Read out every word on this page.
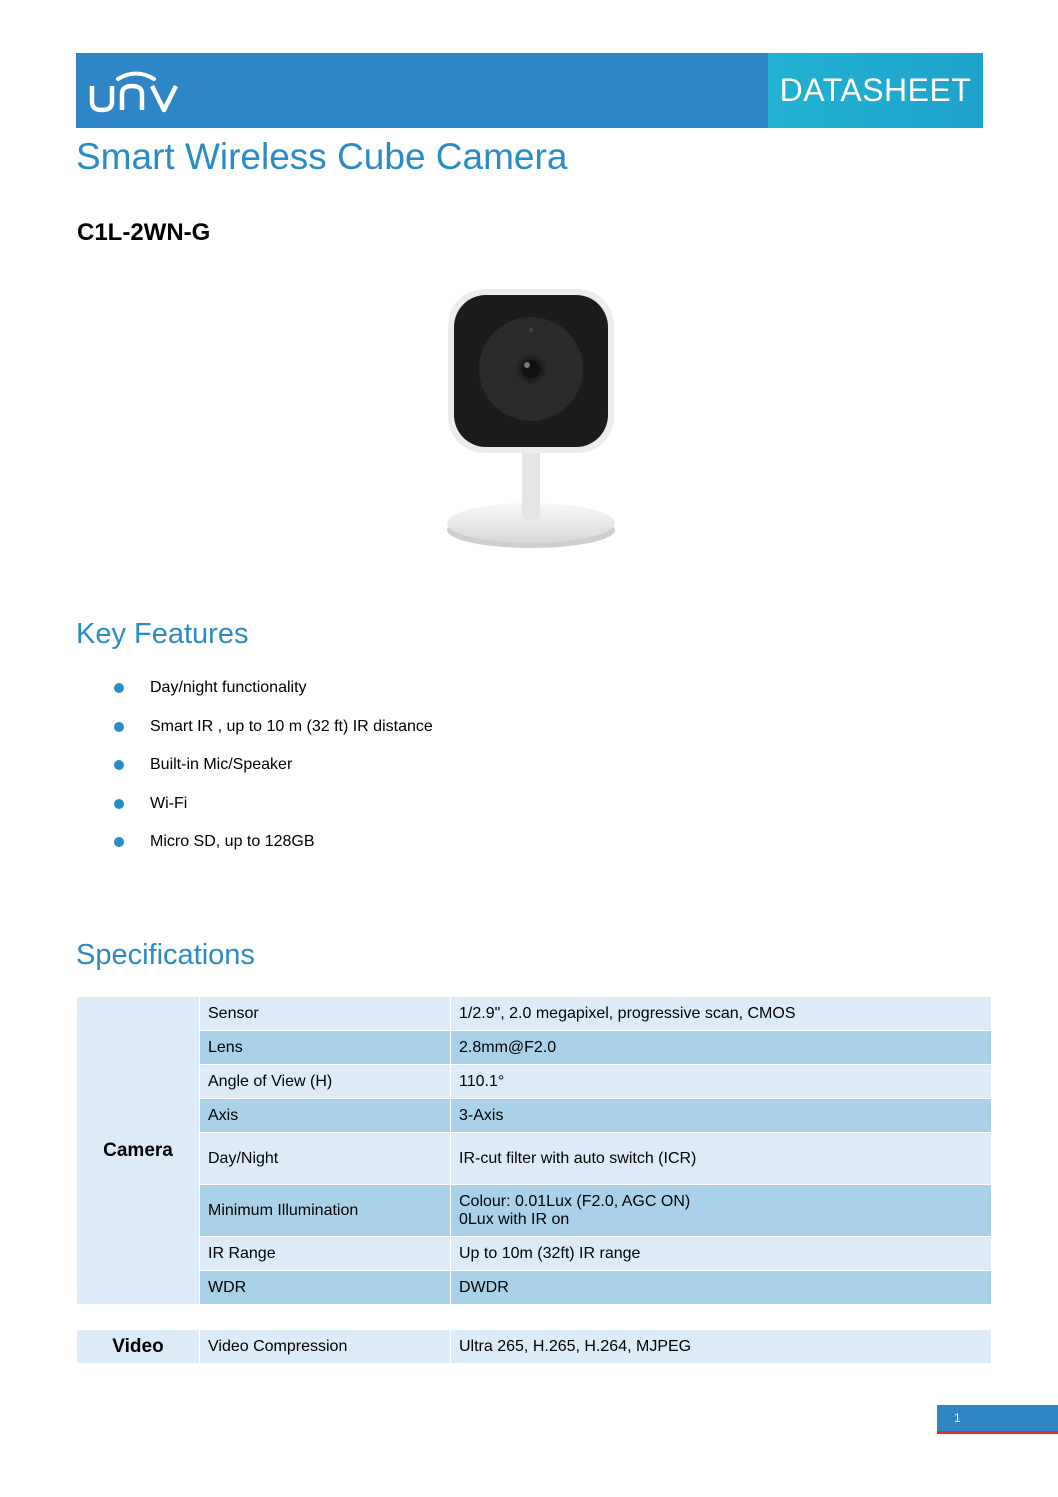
DATASHEET
Smart Wireless Cube Camera
C1L-2WN-G
Key Features
Day/night functionality
Smart IR , up to 10 m (32 ft) IR distance
Built-in Mic/Speaker
Wi-Fi
Micro SD, up to 128GB
Specifications
Camera	Sensor	1/2.9", 2.0 megapixel, progressive scan, CMOS
	Lens	2.8mm@F2.0
	Angle of View (H)	110.1°
	Axis	3-Axis
	Day/Night	IR-cut filter with auto switch (ICR)
	Minimum Illumination	Colour: 0.01Lux (F2.0, AGC ON)
0Lux with IR on

	IR Range	Up to 10m (32ft) IR range
	WDR	DWDR
Video	Video Compression	Ultra 265, H.265, H.264, MJPEG
1
